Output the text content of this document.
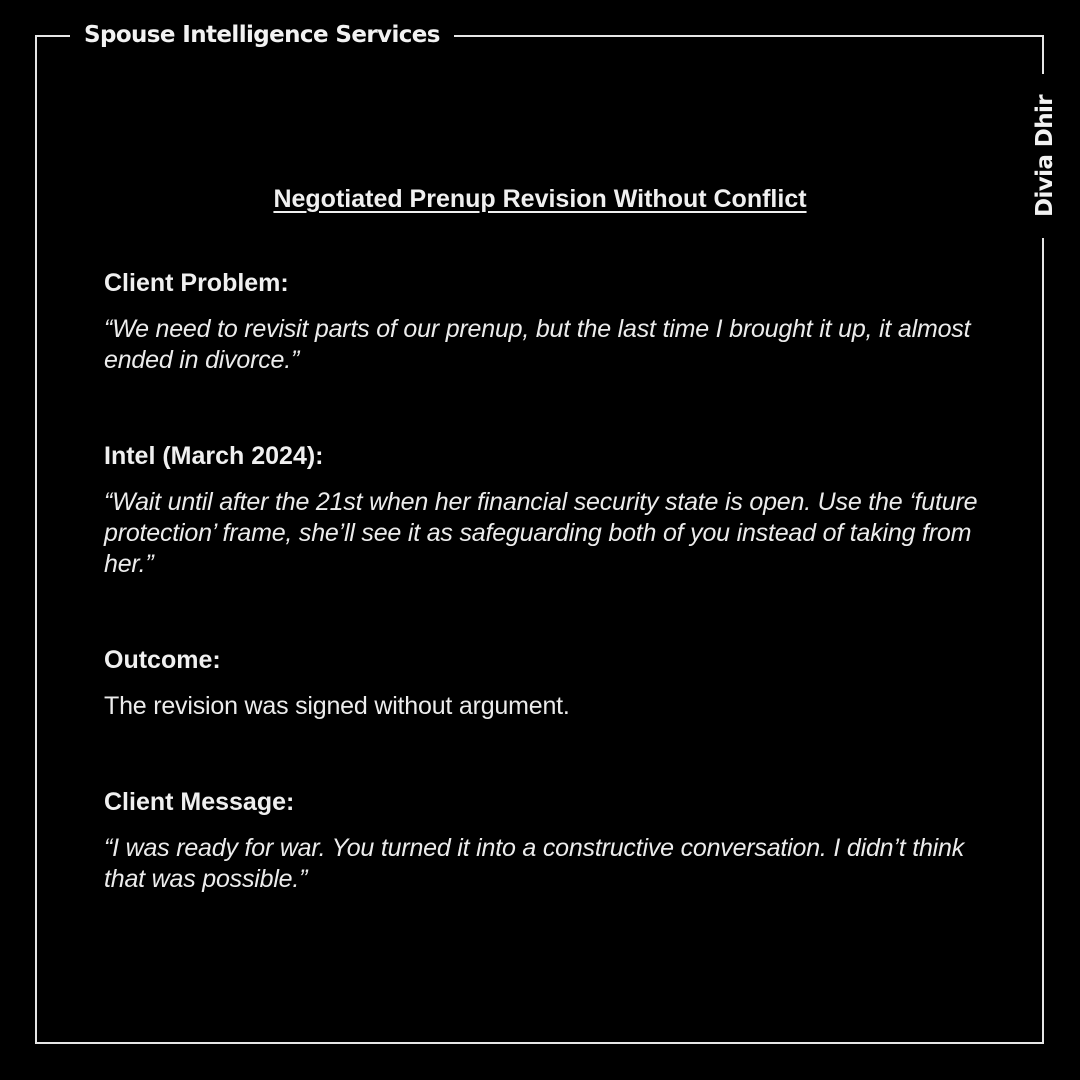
Spouse Intelligence Services
Divia Dhir
Negotiated Prenup Revision Without Conflict
Client Problem:
“We need to revisit parts of our prenup, but the last time I brought it up, it almost ended in divorce.”
Intel (March 2024):
“Wait until after the 21st when her financial security state is open. Use the ‘future protection’ frame, she’ll see it as safeguarding both of you instead of taking from her.”
Outcome:
The revision was signed without argument.
Client Message:
“I was ready for war. You turned it into a constructive conversation. I didn’t think that was possible.”
